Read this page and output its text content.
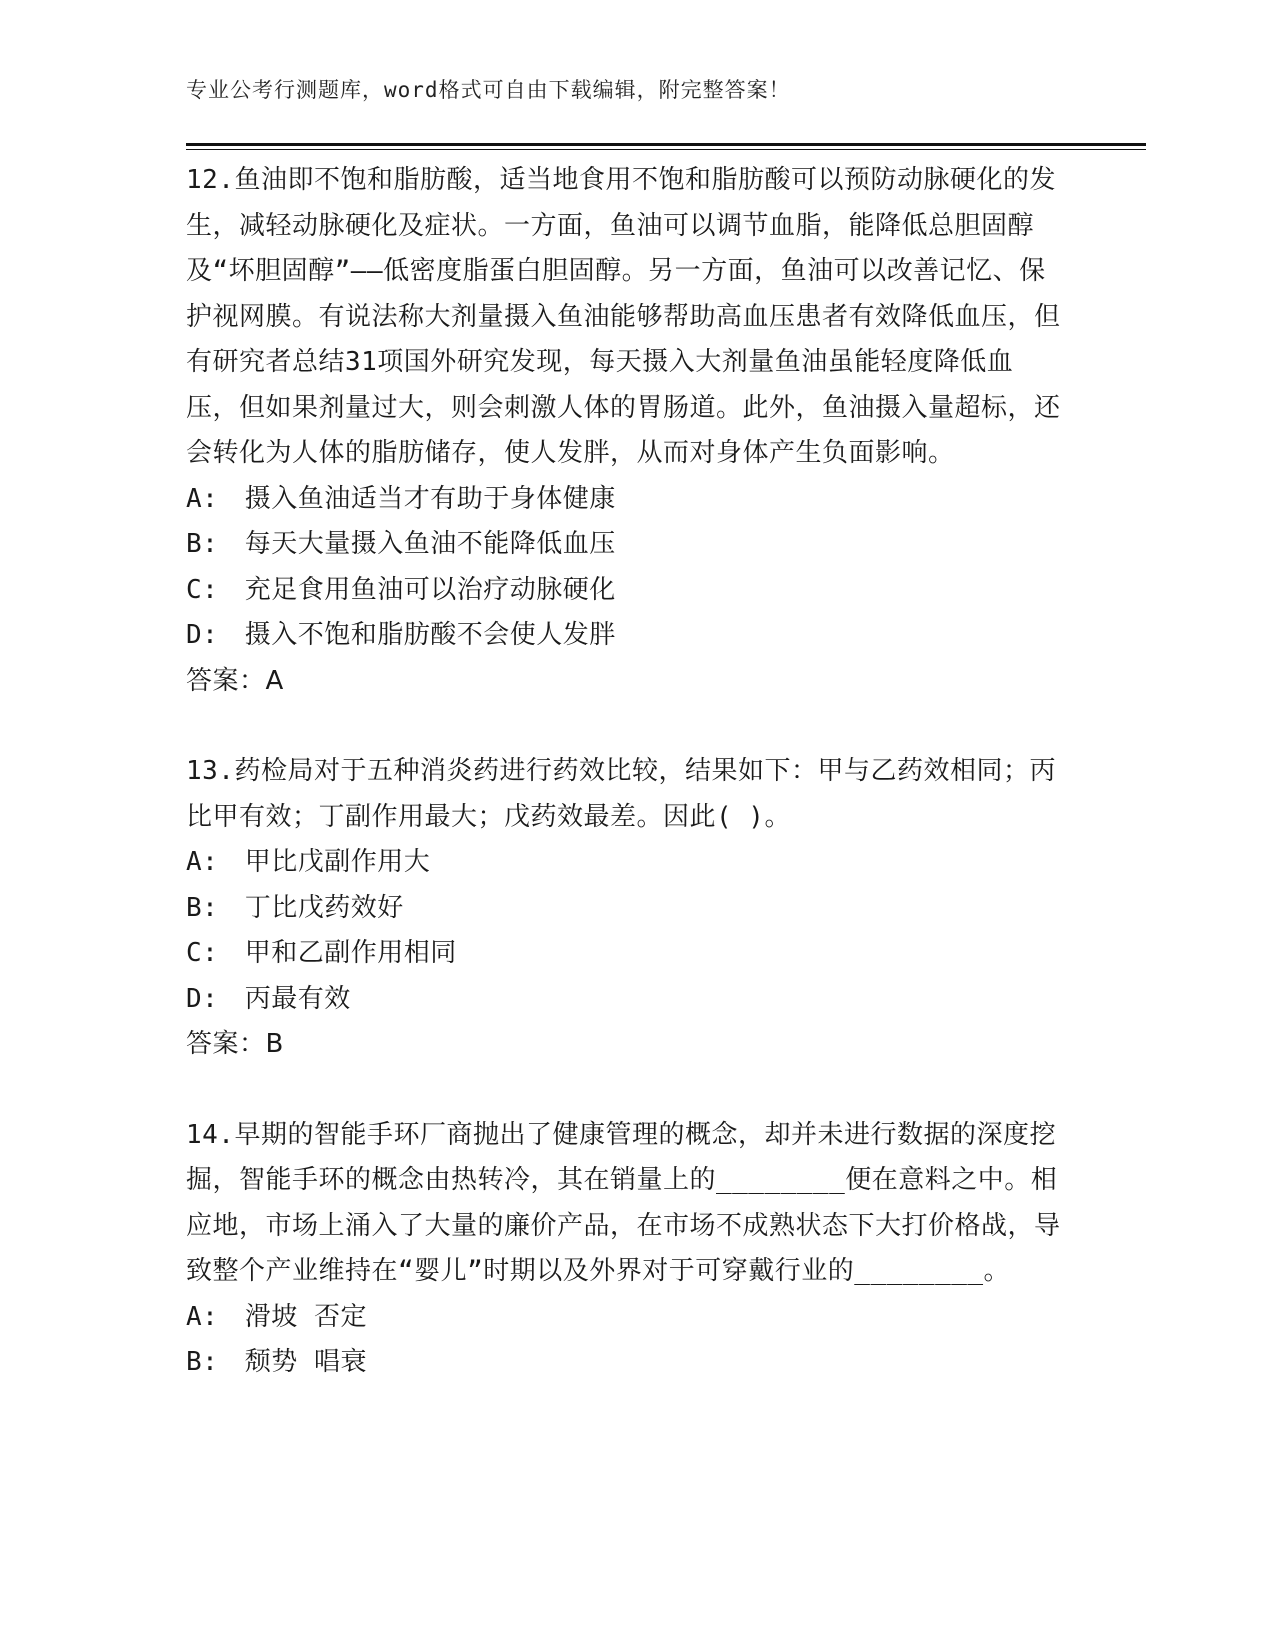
专业公考行测题库，word格式可自由下载编辑，附完整答案！

12.鱼油即不饱和脂肪酸，适当地食用不饱和脂肪酸可以预防动脉硬化的发生，减轻动脉硬化及症状。一方面，鱼油可以调节血脂，能降低总胆固醇及“坏胆固醇”——低密度脂蛋白胆固醇。另一方面，鱼油可以改善记忆、保护视网膜。有说法称大剂量摄入鱼油能够帮助高血压患者有效降低血压，但有研究者总结31项国外研究发现，每天摄入大剂量鱼油虽能轻度降低血压，但如果剂量过大，则会刺激人体的胃肠道。此外，鱼油摄入量超标，还会转化为人体的脂肪储存，使人发胖，从而对身体产生负面影响。

A:　摄入鱼油适当才有助于身体健康

B:　每天大量摄入鱼油不能降低血压

C:　充足食用鱼油可以治疗动脉硬化

D:　摄入不饱和脂肪酸不会使人发胖

答案：A

13.药检局对于五种消炎药进行药效比较，结果如下：甲与乙药效相同；丙比甲有效；丁副作用最大；戊药效最差。因此( )。

A:　甲比戊副作用大

B:　丁比戊药效好

C:　甲和乙副作用相同

D:　丙最有效

答案：B

14.早期的智能手环厂商抛出了健康管理的概念，却并未进行数据的深度挖掘，智能手环的概念由热转冷，其在销量上的________便在意料之中。相应地，市场上涌入了大量的廉价产品，在市场不成熟状态下大打价格战，导致整个产业维持在“婴儿”时期以及外界对于可穿戴行业的________。

A:　滑坡 否定

B:　颓势 唱衰
